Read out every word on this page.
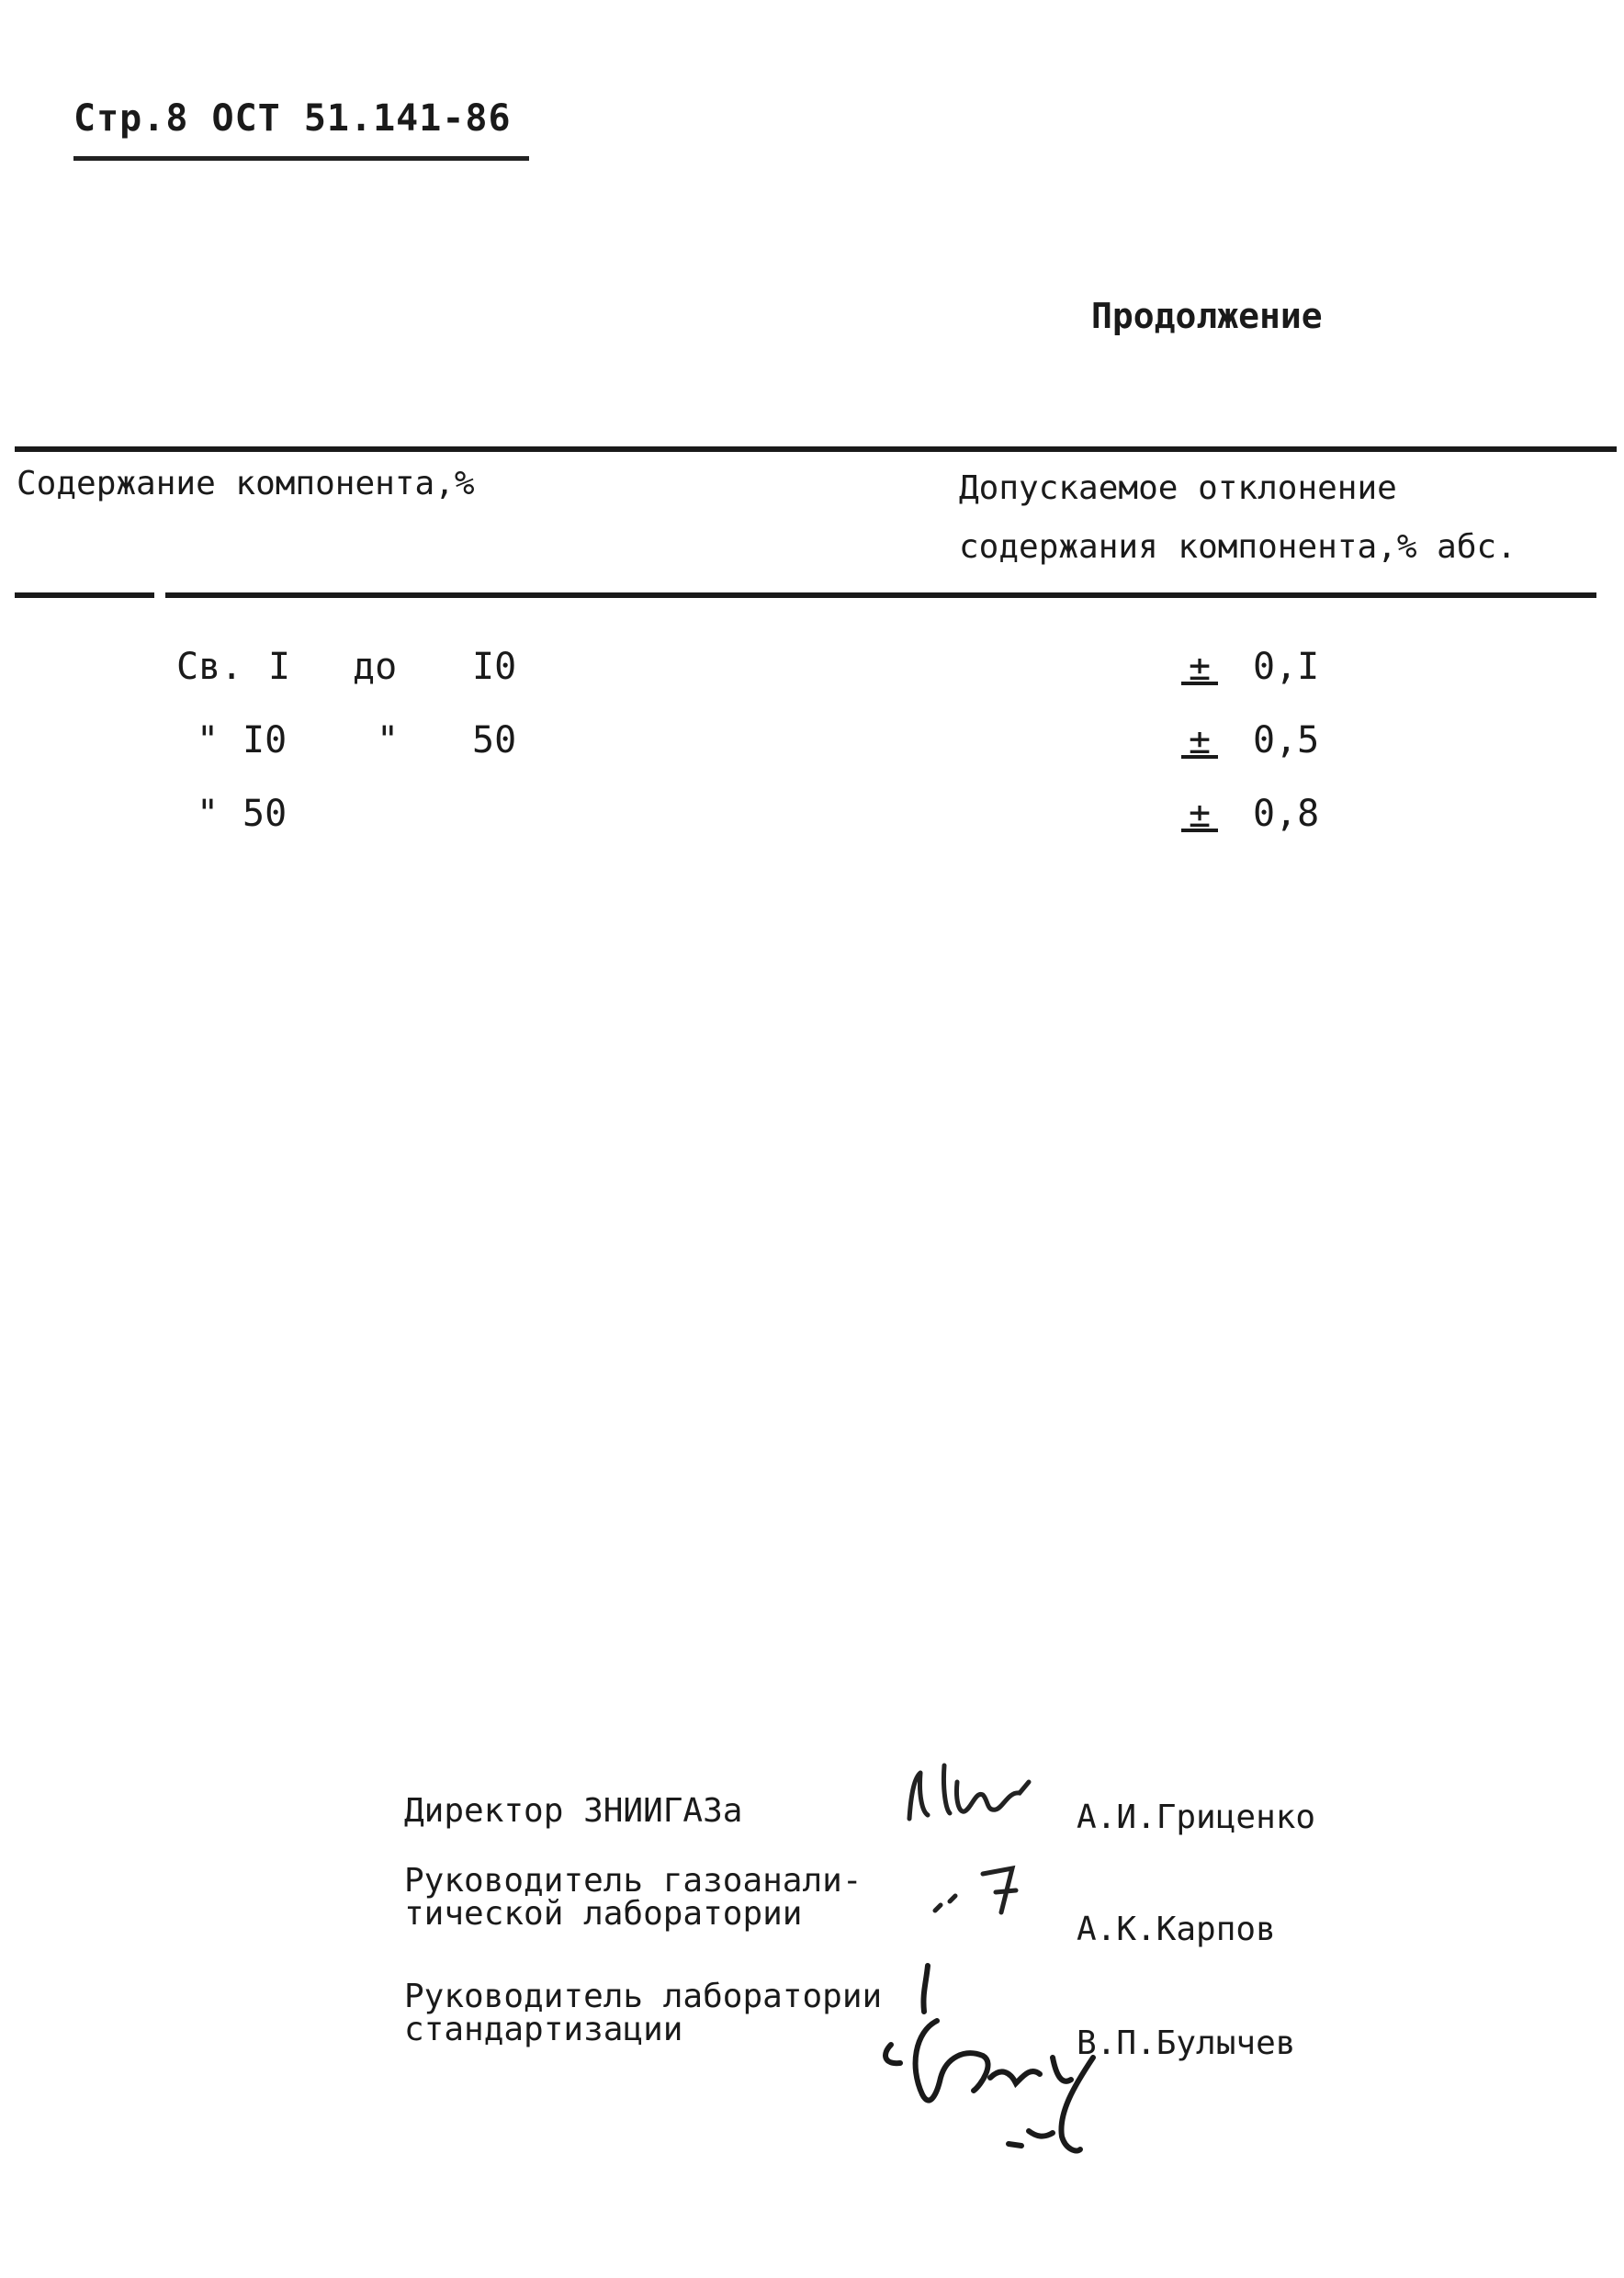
Стр.8 ОСТ 51.141-86
Продолжение
Содержание компонента,%	Допускаемое отклонение
содержания компонента,% абс.
Св. I до I0	± 0,I
" I0 " 50	± 0,5
" 50	± 0,8
Директор ЗНИИГАЗа	А.И.Гриценко
Руководитель газоанали-
тической лаборатории	А.К.Карпов
Руководитель лаборатории
стандартизации	В.П.Булычев
